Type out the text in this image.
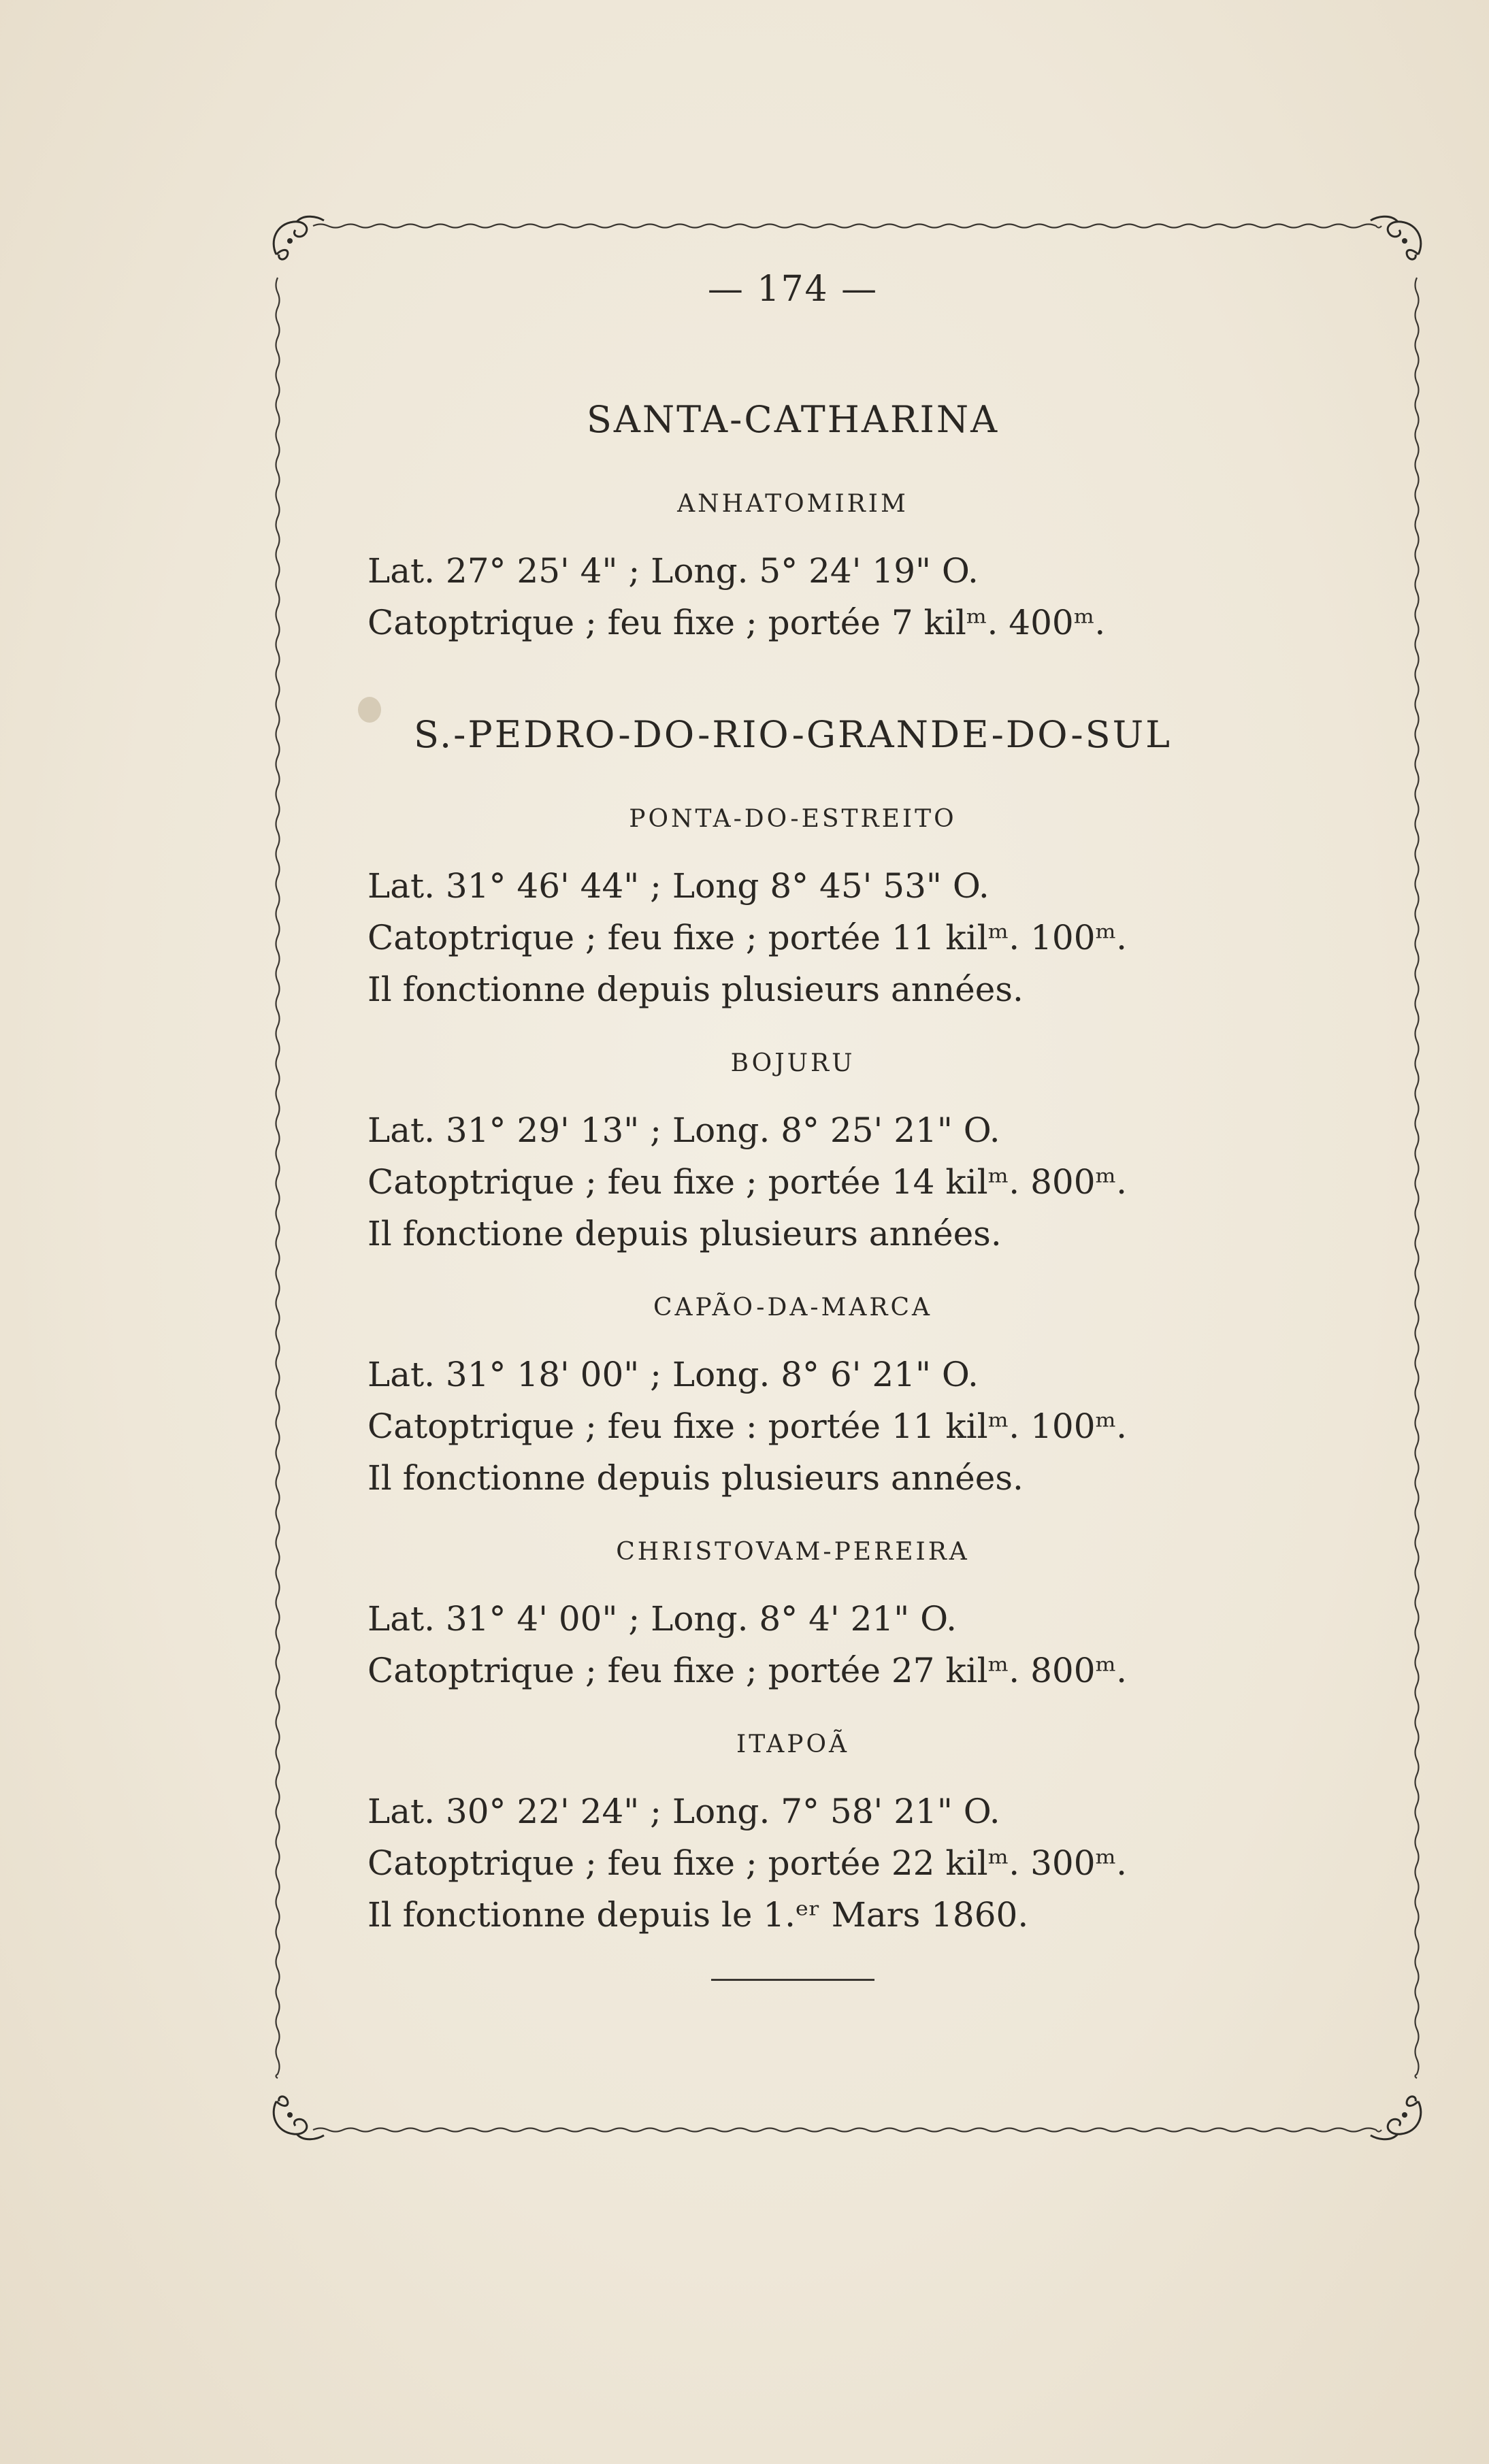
— 174 —
SANTA-CATHARINA
ANHATOMIRIM

Lat. 27° 25' 4" ; Long. 5° 24' 19" O.

Catoptrique ; feu fixe ; portée 7 kilᵐ. 400ᵐ.

S.-PEDRO-DO-RIO-GRANDE-DO-SUL
PONTA-DO-ESTREITO

Lat. 31° 46' 44" ; Long 8° 45' 53" O.

Catoptrique ; feu fixe ; portée 11 kilᵐ. 100ᵐ.

Il fonctionne depuis plusieurs années.

BOJURU

Lat. 31° 29' 13" ; Long. 8° 25' 21" O.

Catoptrique ; feu fixe ; portée 14 kilᵐ. 800ᵐ.

Il fonctione depuis plusieurs années.

CAPÃO-DA-MARCA

Lat. 31° 18' 00" ; Long. 8° 6' 21" O.

Catoptrique ; feu fixe : portée 11 kilᵐ. 100ᵐ.

Il fonctionne depuis plusieurs années.

CHRISTOVAM-PEREIRA

Lat. 31° 4' 00" ; Long. 8° 4' 21" O.

Catoptrique ; feu fixe ; portée 27 kilᵐ. 800ᵐ.

ITAPOÃ

Lat. 30° 22' 24" ; Long. 7° 58' 21" O.

Catoptrique ; feu fixe ; portée 22 kilᵐ. 300ᵐ.

Il fonctionne depuis le 1.ᵉʳ Mars 1860.
